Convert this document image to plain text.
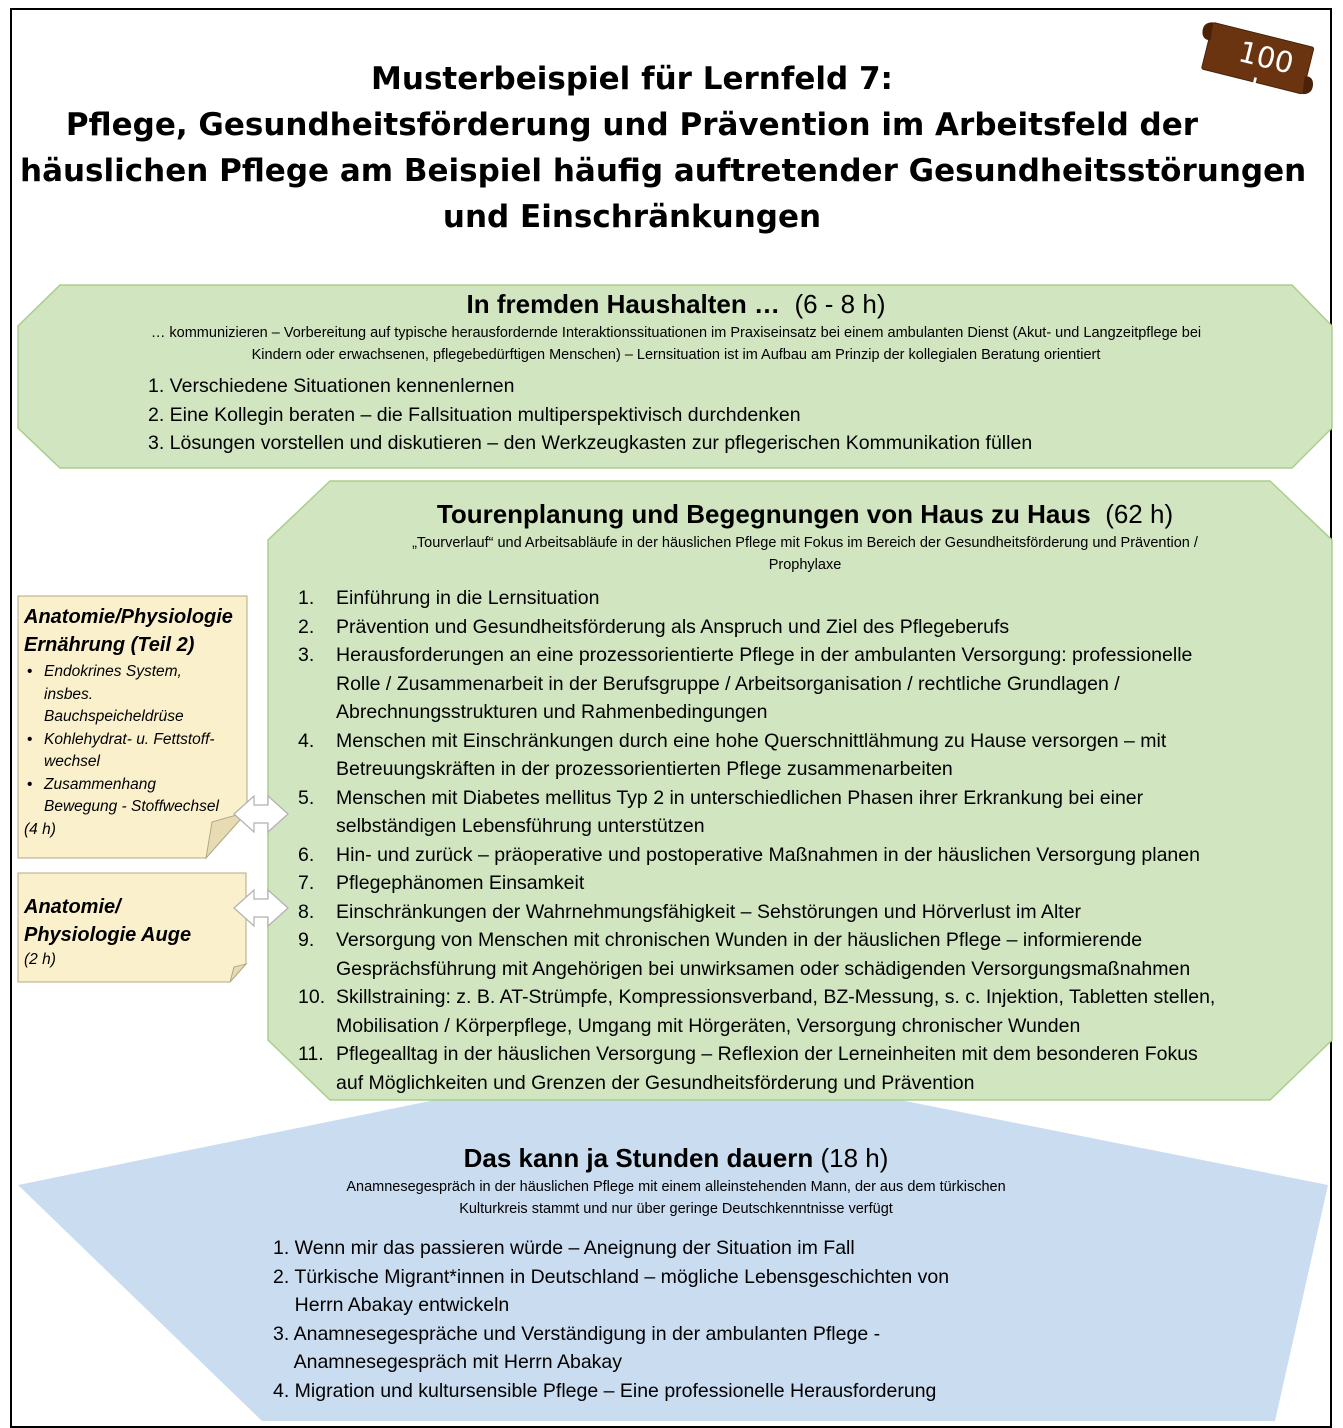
100 h
Musterbeispiel für Lernfeld 7:
Pflege, Gesundheitsförderung und Prävention im Arbeitsfeld der
häuslichen Pflege am Beispiel häufig auftretender Gesundheitsstörungen
und Einschränkungen
In fremden Haushalten … (6 - 8 h)
… kommunizieren – Vorbereitung auf typische herausfordernde Interaktionssituationen im Praxiseinsatz bei einem ambulanten Dienst (Akut- und Langzeitpflege bei
Kindern oder erwachsenen, pflegebedürftigen Menschen) – Lernsituation ist im Aufbau am Prinzip der kollegialen Beratung orientiert
1. Verschiedene Situationen kennenlernen
2. Eine Kollegin beraten – die Fallsituation multiperspektivisch durchdenken
3. Lösungen vorstellen und diskutieren – den Werkzeugkasten zur pflegerischen Kommunikation füllen
Tourenplanung und Begegnungen von Haus zu Haus (62 h)
„Tourverlauf“ und Arbeitsabläufe in der häuslichen Pflege mit Fokus im Bereich der Gesundheitsförderung und Prävention /
Prophylaxe
1.	Einführung in die Lernsituation
2.	Prävention und Gesundheitsförderung als Anspruch und Ziel des Pflegeberufs
3.	Herausforderungen an eine prozessorientierte Pflege in der ambulanten Versorgung: professionelle
Rolle / Zusammenarbeit in der Berufsgruppe / Arbeitsorganisation / rechtliche Grundlagen /
Abrechnungsstrukturen und Rahmenbedingungen
4.	Menschen mit Einschränkungen durch eine hohe Querschnittlähmung zu Hause versorgen – mit
Betreuungskräften in der prozessorientierten Pflege zusammenarbeiten
5.	Menschen mit Diabetes mellitus Typ 2 in unterschiedlichen Phasen ihrer Erkrankung bei einer
selbständigen Lebensführung unterstützen
6.	Hin- und zurück – präoperative und postoperative Maßnahmen in der häuslichen Versorgung planen
7.	Pflegephänomen Einsamkeit
8.	Einschränkungen der Wahrnehmungsfähigkeit – Sehstörungen und Hörverlust im Alter
9.	Versorgung von Menschen mit chronischen Wunden in der häuslichen Pflege – informierende
Gesprächsführung mit Angehörigen bei unwirksamen oder schädigenden Versorgungsmaßnahmen
10. Skillstraining: z. B. AT-Strümpfe, Kompressionsverband, BZ-Messung, s. c. Injektion, Tabletten stellen,
Mobilisation / Körperpflege, Umgang mit Hörgeräten, Versorgung chronischer Wunden
11. Pflegealltag in der häuslichen Versorgung – Reflexion der Lerneinheiten mit dem besonderen Fokus
auf Möglichkeiten und Grenzen der Gesundheitsförderung und Prävention
Das kann ja Stunden dauern (18 h)
Anamnesegespräch in der häuslichen Pflege mit einem alleinstehenden Mann, der aus dem türkischen
Kulturkreis stammt und nur über geringe Deutschkenntnisse verfügt
1. Wenn mir das passieren würde – Aneignung der Situation im Fall
2. Türkische Migrant*innen in Deutschland – mögliche Lebensgeschichten von
Herrn Abakay entwickeln
3. Anamnesegespräche und Verständigung in der ambulanten Pflege -
Anamnesegespräch mit Herrn Abakay
4. Migration und kultursensible Pflege – Eine professionelle Herausforderung
Anatomie/Physiologie
Ernährung (Teil 2)
• Endokrines System,
insbes.
Bauchspeicheldrüse
• Kohlehydrat- u. Fettstoff-
wechsel
• Zusammenhang
Bewegung - Stoffwechsel
(4 h)
Anatomie/
Physiologie Auge
(2 h)
